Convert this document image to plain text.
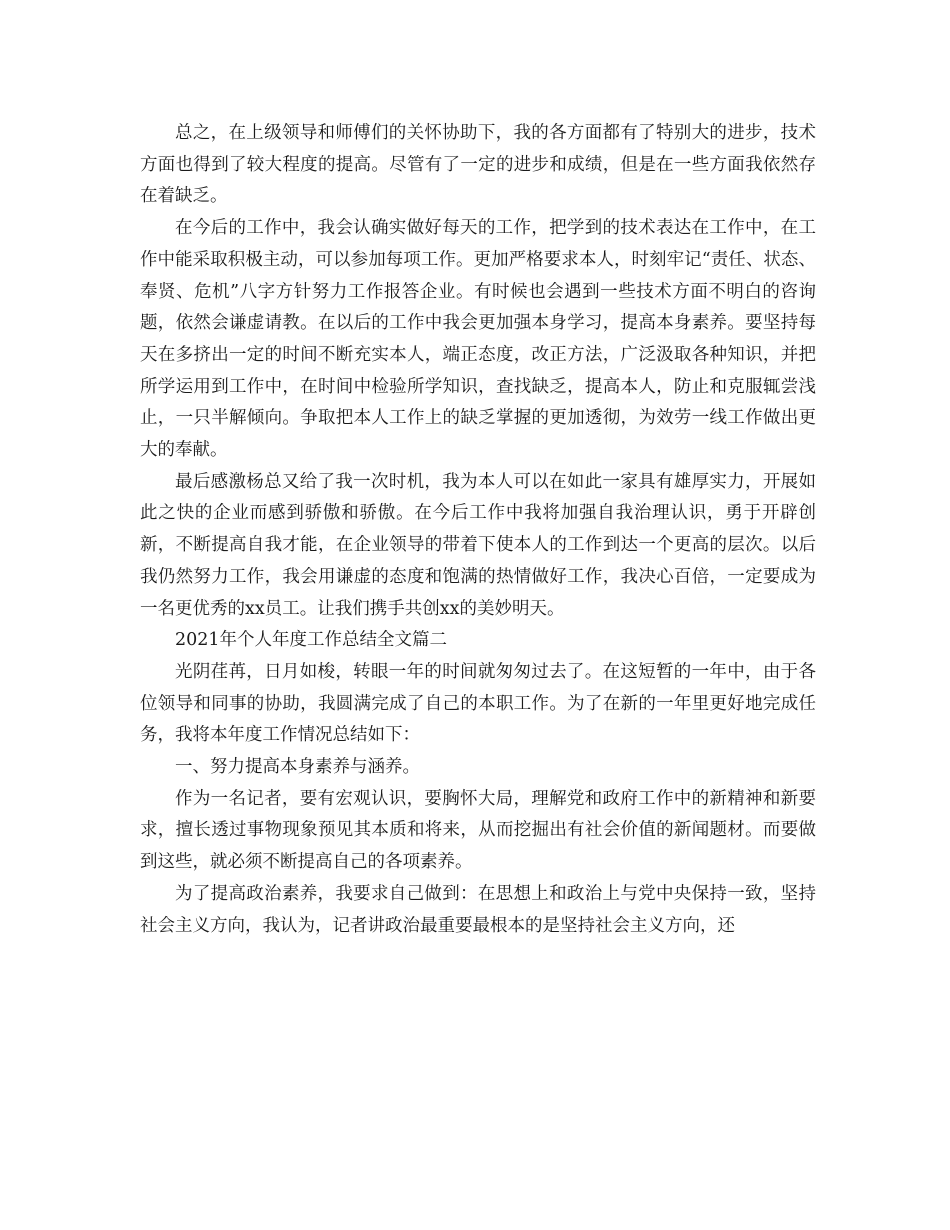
总之，在上级领导和师傅们的关怀协助下，我的各方面都有了特别大的进步，技术方面也得到了较大程度的提高。尽管有了一定的进步和成绩，但是在一些方面我依然存在着缺乏。

在今后的工作中，我会认确实做好每天的工作，把学到的技术表达在工作中，在工作中能采取积极主动，可以参加每项工作。更加严格要求本人，时刻牢记“责任、状态、奉贤、危机”八字方针努力工作报答企业。有时候也会遇到一些技术方面不明白的咨询题，依然会谦虚请教。在以后的工作中我会更加强本身学习，提高本身素养。要坚持每天在多挤出一定的时间不断充实本人，端正态度，改正方法，广泛汲取各种知识，并把所学运用到工作中，在时间中检验所学知识，查找缺乏，提高本人，防止和克服辄尝浅止，一只半解倾向。争取把本人工作上的缺乏掌握的更加透彻，为效劳一线工作做出更大的奉献。

最后感激杨总又给了我一次时机，我为本人可以在如此一家具有雄厚实力，开展如此之快的企业而感到骄傲和骄傲。在今后工作中我将加强自我治理认识，勇于开辟创新，不断提高自我才能，在企业领导的带着下使本人的工作到达一个更高的层次。以后我仍然努力工作，我会用谦虚的态度和饱满的热情做好工作，我决心百倍，一定要成为一名更优秀的xx员工。让我们携手共创xx的美妙明天。

2021年个人年度工作总结全文篇二

光阴荏苒，日月如梭，转眼一年的时间就匆匆过去了。在这短暂的一年中，由于各位领导和同事的协助，我圆满完成了自己的本职工作。为了在新的一年里更好地完成任务，我将本年度工作情况总结如下：

一、努力提高本身素养与涵养。

作为一名记者，要有宏观认识，要胸怀大局，理解党和政府工作中的新精神和新要求，擅长透过事物现象预见其本质和将来，从而挖掘出有社会价值的新闻题材。而要做到这些，就必须不断提高自己的各项素养。

为了提高政治素养，我要求自己做到：在思想上和政治上与党中央保持一致，坚持社会主义方向，我认为，记者讲政治最重要最根本的是坚持社会主义方向，还
